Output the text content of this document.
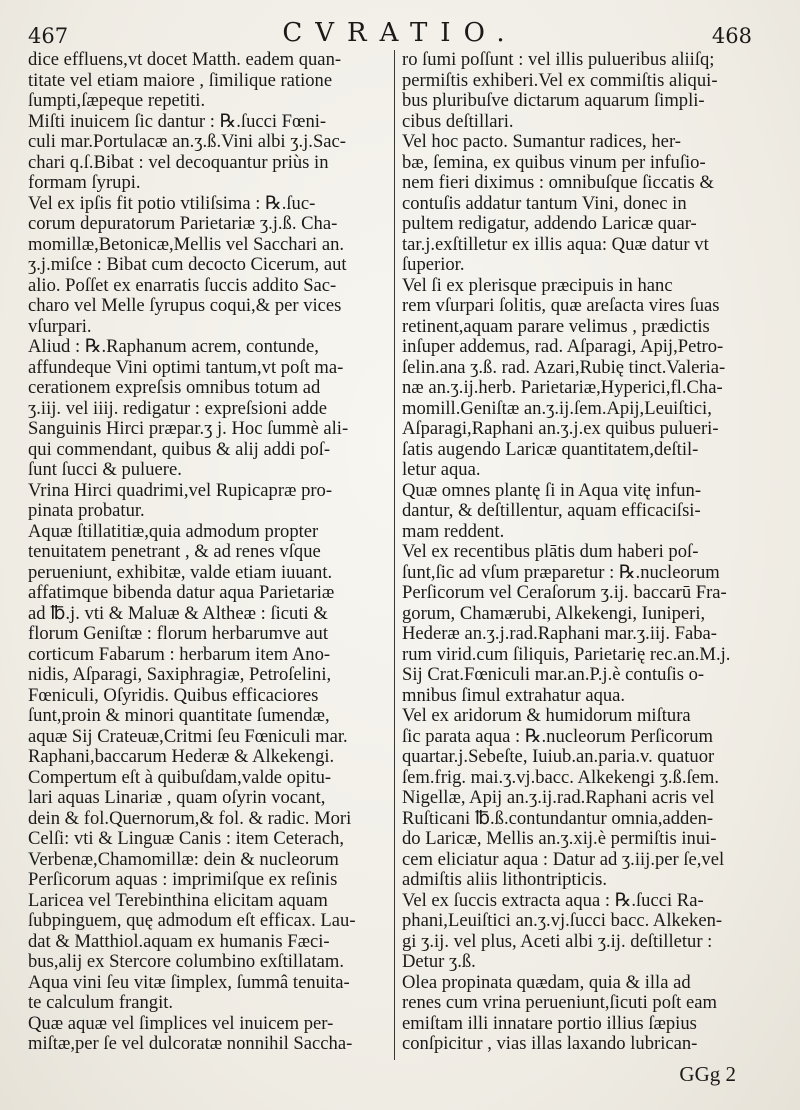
467	CVRATIO.	468
dice effluens,vt docet Matth. eadem quan-
titate vel etiam maiore , ſimilique ratione
ſumpti,ſæpeque repetiti.
Miſti inuicem ſic dantur : ℞.ſucci Fœni-
culi mar.Portulacæ an.ʒ.ß.Vini albi ʒ.j.Sac-
chari q.ſ.Bibat : vel decoquantur priùs in
formam ſyrupi.
Vel ex ipſis fit potio vtiliſsima : ℞.ſuc-
corum depuratorum Parietariæ ʒ.j.ß. Cha-
momillæ,Betonicæ,Mellis vel Sacchari an.
ʒ.j.miſce : Bibat cum decocto Cicerum, aut
alio. Poſſet ex enarratis ſuccis addito Sac-
charo vel Melle ſyrupus coqui,& per vices
vſurpari.
Aliud : ℞.Raphanum acrem, contunde,
affundeque Vini optimi tantum,vt poſt ma-
cerationem expreſsis omnibus totum ad
ʒ.iij. vel iiij. redigatur : expreſsioni adde
Sanguinis Hirci præpar.ʒ j. Hoc ſummè ali-
qui commendant, quibus & alij addi poſ-
ſunt ſucci & puluere.
Vrina Hirci quadrimi,vel Rupicapræ pro-
pinata probatur.
Aquæ ſtillatitiæ,quia admodum propter
tenuitatem penetrant , & ad renes vſque
perueniunt, exhibitæ, valde etiam iuuant.
affatimque bibenda datur aqua Parietariæ
ad ℔.j. vti & Maluæ & Altheæ : ſicuti &
florum Geniſtæ : florum herbarumve aut
corticum Fabarum : herbarum item Ano-
nidis, Aſparagi, Saxiphragiæ, Petroſelini,
Fœniculi, Oſyridis. Quibus efficaciores
ſunt,proin & minori quantitate ſumendæ,
aquæ Sij Crateuæ,Critmi ſeu Fœniculi mar.
Raphani,baccarum Hederæ & Alkekengi.
Compertum eſt à quibuſdam,valde opitu-
lari aquas Linariæ , quam oſyrin vocant,
dein & fol.Quernorum,& fol. & radic. Mori
Celſi: vti & Linguæ Canis : item Ceterach,
Verbenæ,Chamomillæ: dein & nucleorum
Perſicorum aquas : imprimiſque ex reſinis
Laricea vel Terebinthina elicitam aquam
ſubpinguem, quę admodum eſt efficax. Lau-
dat & Matthiol.aquam ex humanis Fæci-
bus,alij ex Stercore columbino exſtillatam.
Aqua vini ſeu vitæ ſimplex, ſummâ tenuita-
te calculum frangit.
Quæ aquæ vel ſimplices vel inuicem per-
miſtæ,per ſe vel dulcoratæ nonnihil Saccha-
ro ſumi poſſunt : vel illis pulueribus aliiſq;
permiſtis exhiberi.Vel ex commiſtis aliqui-
bus pluribuſve dictarum aquarum ſimpli-
cibus deſtillari.
Vel hoc pacto. Sumantur radices, her-
bæ, ſemina, ex quibus vinum per infuſio-
nem fieri diximus : omnibuſque ſiccatis &
contuſis addatur tantum Vini, donec in
pultem redigatur, addendo Laricæ quar-
tar.j.exſtilletur ex illis aqua: Quæ datur vt
ſuperior.
Vel ſi ex plerisque præcipuis in hanc
rem vſurpari ſolitis, quæ areſacta vires ſuas
retinent,aquam parare velimus , prædictis
inſuper addemus, rad. Aſparagi, Apij,Petro-
ſelin.ana ʒ.ß. rad. Azari,Rubię tinct.Valeria-
næ an.ʒ.ij.herb. Parietariæ,Hyperici,fl.Cha-
momill.Geniſtæ an.ʒ.ij.ſem.Apij,Leuiſtici,
Aſparagi,Raphani an.ʒ.j.ex quibus pulueri-
ſatis augendo Laricæ quantitatem,deſtil-
letur aqua.
Quæ omnes plantę ſi in Aqua vitę infun-
dantur, & deſtillentur, aquam efficaciſsi-
mam reddent.
Vel ex recentibus plātis dum haberi poſ-
ſunt,ſic ad vſum præparetur : ℞.nucleorum
Perſicorum vel Ceraſorum ʒ.ij. baccarū Fra-
gorum, Chamærubi, Alkekengi, Iuniperi,
Hederæ an.ʒ.j.rad.Raphani mar.ʒ.iij. Faba-
rum virid.cum ſiliquis, Parietarię rec.an.M.j.
Sij Crat.Fœniculi mar.an.P.j.è contuſis o-
mnibus ſimul extrahatur aqua.
Vel ex aridorum & humidorum miſtura
ſic parata aqua : ℞.nucleorum Perſicorum
quartar.j.Sebeſte, Iuiub.an.paria.v. quatuor
ſem.frig. mai.ʒ.vj.bacc. Alkekengi ʒ.ß.ſem.
Nigellæ, Apij an.ʒ.ij.rad.Raphani acris vel
Ruſticani ℔.ß.contundantur omnia,adden-
do Laricæ, Mellis an.ʒ.xij.è permiſtis inui-
cem eliciatur aqua : Datur ad ʒ.iij.per ſe,vel
admiſtis aliis lithontripticis.
Vel ex ſuccis extracta aqua : ℞.ſucci Ra-
phani,Leuiſtici an.ʒ.vj.ſucci bacc. Alkeken-
gi ʒ.ij. vel plus, Aceti albi ʒ.ij. deſtilletur :
Detur ʒ.ß.
Olea propinata quædam, quia & illa ad
renes cum vrina perueniunt,ſicuti poſt eam
emiſtam illi innatare portio illius ſæpius
conſpicitur , vias illas laxando lubrican-
GGg 2
